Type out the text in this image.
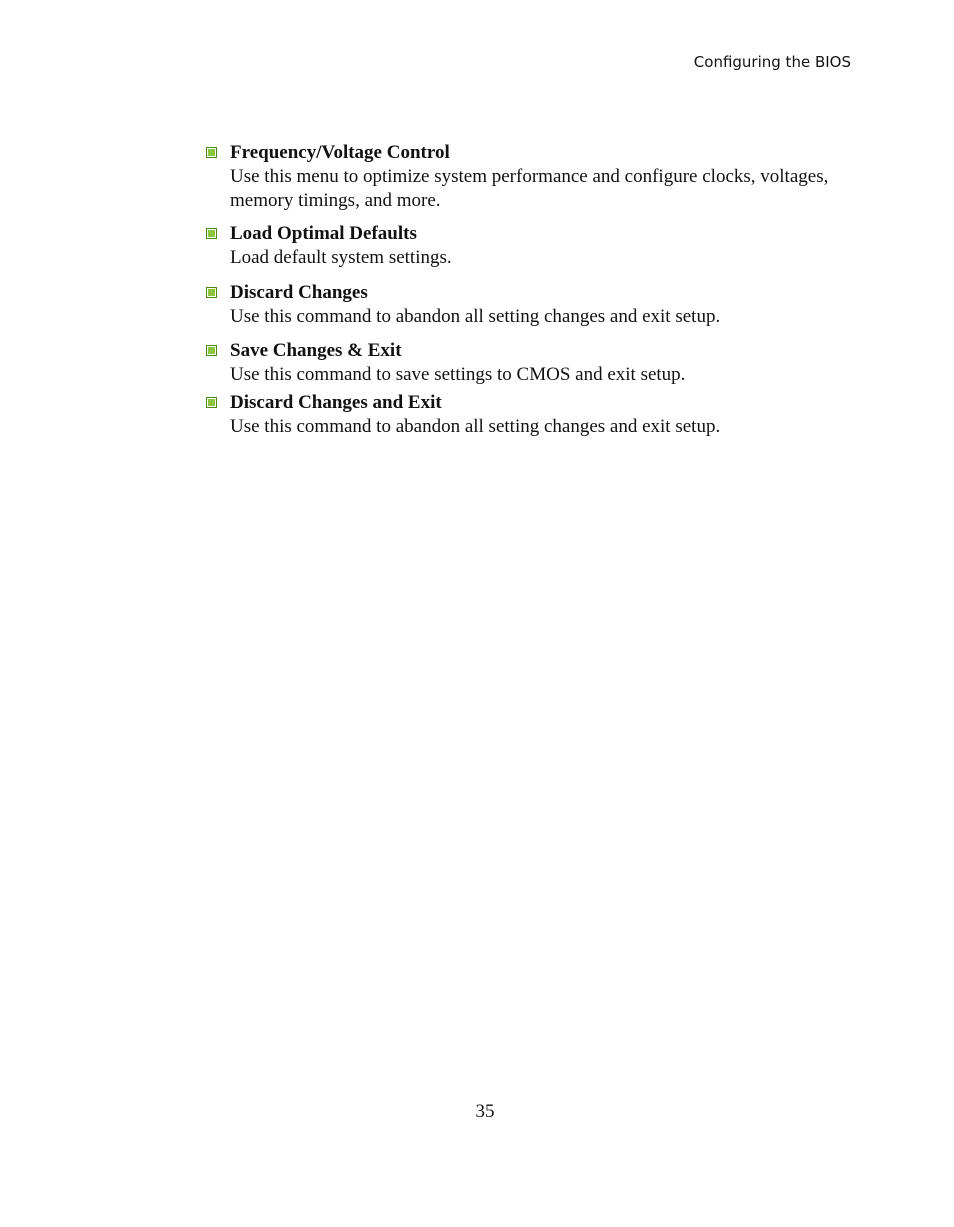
Configuring the BIOS
Frequency/Voltage Control
Use this menu to optimize system performance and configure clocks, voltages, memory timings, and more.
Load Optimal Defaults
Load default system settings.
Discard Changes
Use this command to abandon all setting changes and exit setup.
Save Changes & Exit
Use this command to save settings to CMOS and exit setup.
Discard Changes and Exit
Use this command to abandon all setting changes and exit setup.
35
